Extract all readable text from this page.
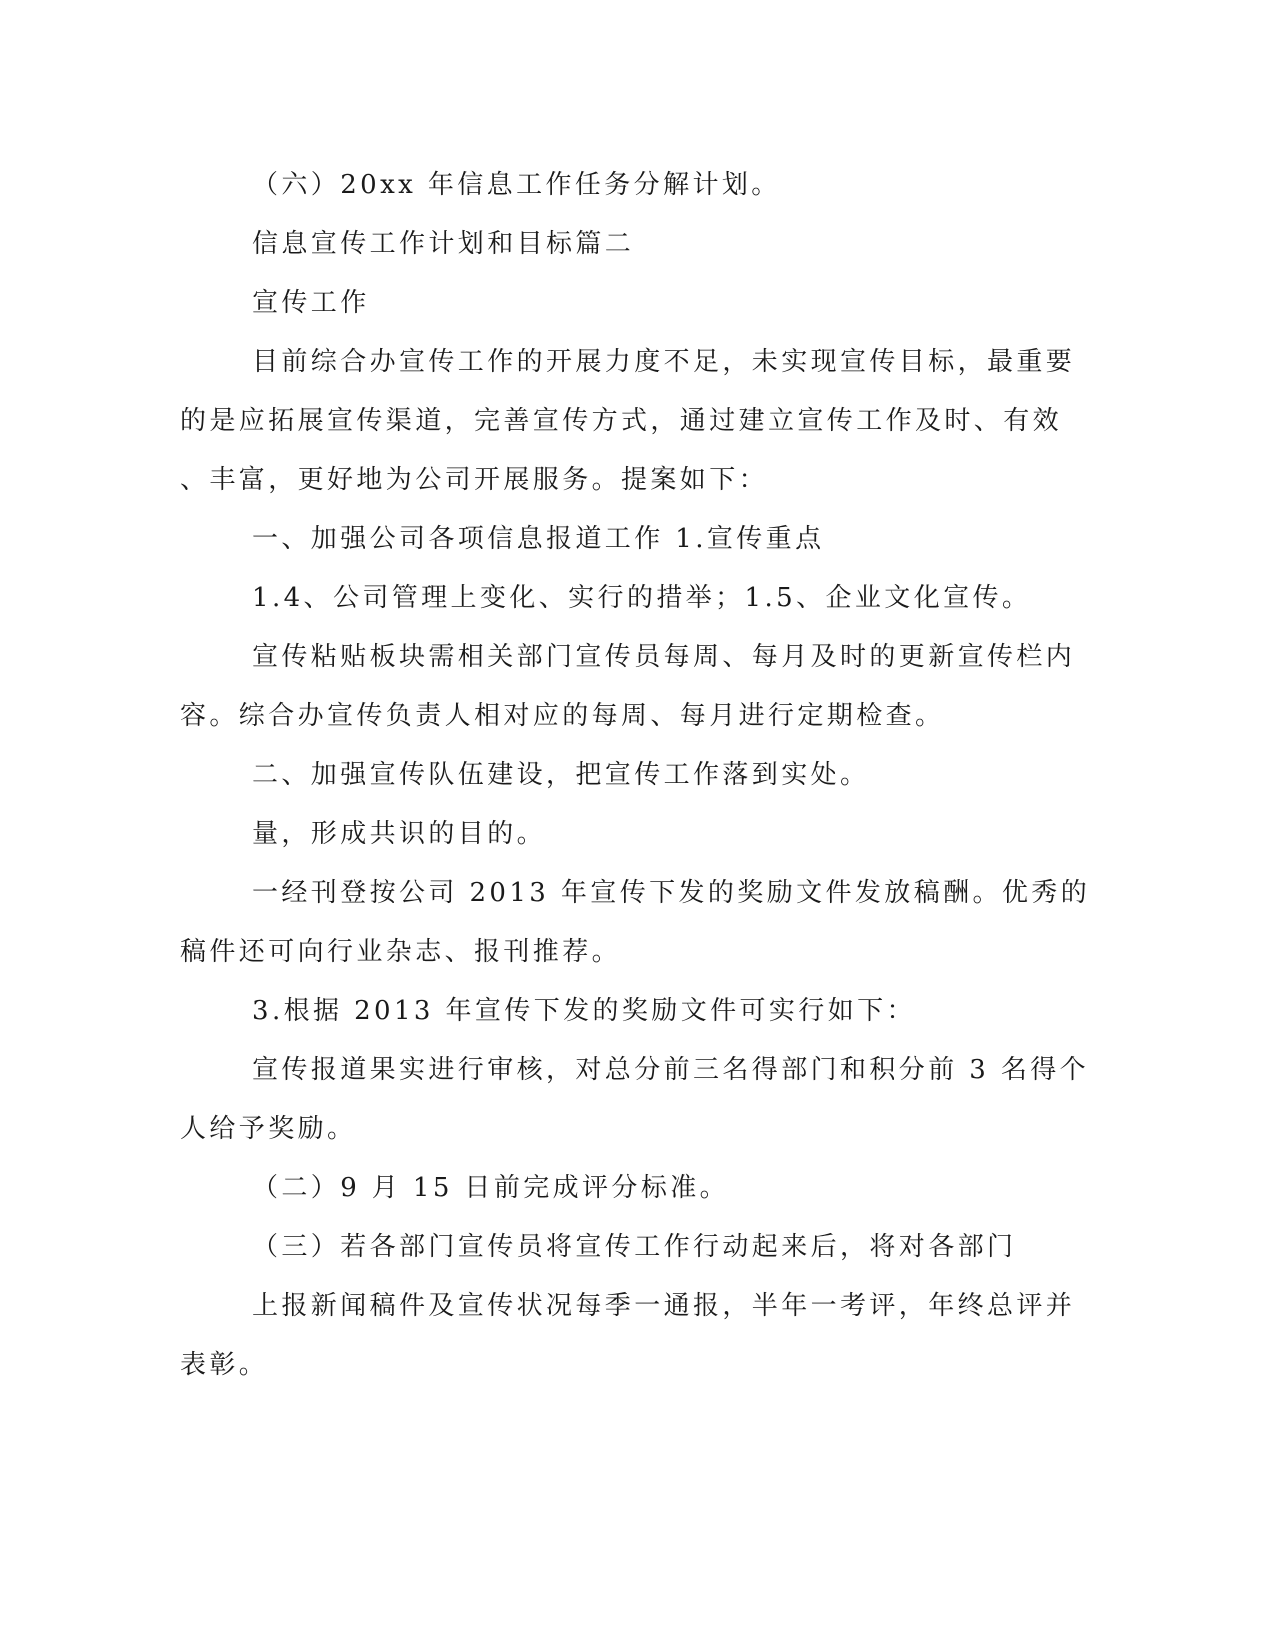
（六）20xx 年信息工作任务分解计划。
信息宣传工作计划和目标篇二
宣传工作
目前综合办宣传工作的开展力度不足，未实现宣传目标，最重要
的是应拓展宣传渠道，完善宣传方式，通过建立宣传工作及时、有效
、丰富，更好地为公司开展服务。提案如下：
一、加强公司各项信息报道工作 1.宣传重点
1.4、公司管理上变化、实行的措举；1.5、企业文化宣传。
宣传粘贴板块需相关部门宣传员每周、每月及时的更新宣传栏内
容。综合办宣传负责人相对应的每周、每月进行定期检查。
二、加强宣传队伍建设，把宣传工作落到实处。
量，形成共识的目的。
一经刊登按公司 2013 年宣传下发的奖励文件发放稿酬。优秀的
稿件还可向行业杂志、报刊推荐。
3.根据 2013 年宣传下发的奖励文件可实行如下：
宣传报道果实进行审核，对总分前三名得部门和积分前 3 名得个
人给予奖励。
（二）9 月 15 日前完成评分标准。
（三）若各部门宣传员将宣传工作行动起来后，将对各部门
上报新闻稿件及宣传状况每季一通报，半年一考评，年终总评并
表彰。
